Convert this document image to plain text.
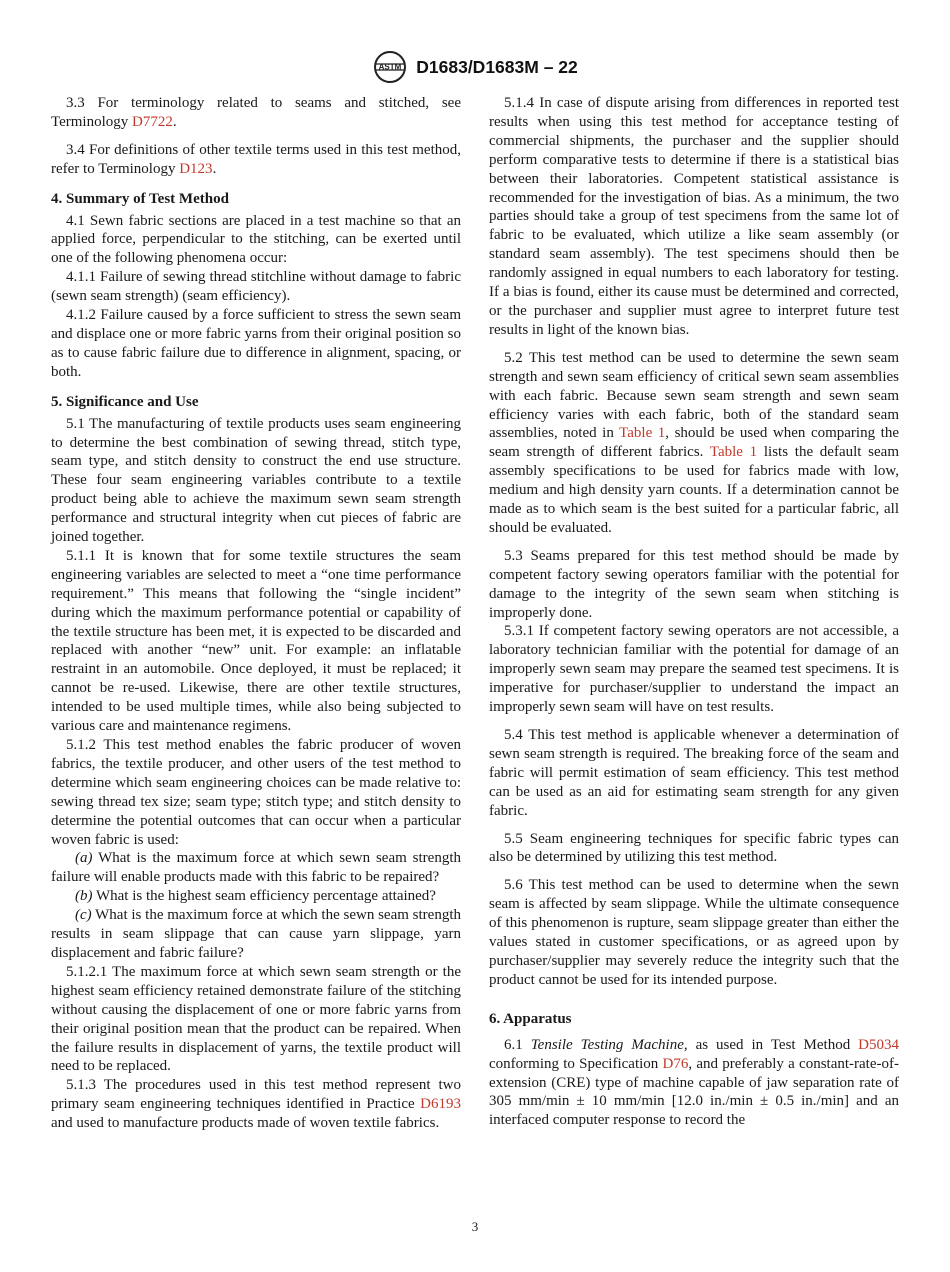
ASTM D1683/D1683M – 22

3.3 For terminology related to seams and stitched, see Terminology D7722.

3.4 For definitions of other textile terms used in this test method, refer to Terminology D123.

4. Summary of Test Method

4.1 Sewn fabric sections are placed in a test machine so that an applied force, perpendicular to the stitching, can be exerted until one of the following phenomena occur:

4.1.1 Failure of sewing thread stitchline without damage to fabric (sewn seam strength) (seam efficiency).

4.1.2 Failure caused by a force sufficient to stress the sewn seam and displace one or more fabric yarns from their original position so as to cause fabric failure due to difference in alignment, spacing, or both.

5. Significance and Use

5.1 The manufacturing of textile products uses seam engineering to determine the best combination of sewing thread, stitch type, seam type, and stitch density to construct the end use structure. These four seam engineering variables contribute to a textile product being able to achieve the maximum sewn seam strength performance and structural integrity when cut pieces of fabric are joined together.

5.1.1 It is known that for some textile structures the seam engineering variables are selected to meet a “one time performance requirement.” This means that following the “single incident” during which the maximum performance potential or capability of the textile structure has been met, it is expected to be discarded and replaced with another “new” unit. For example: an inflatable restraint in an automobile. Once deployed, it must be replaced; it cannot be re-used. Likewise, there are other textile structures, intended to be used multiple times, while also being subjected to various care and maintenance regimens.

5.1.2 This test method enables the fabric producer of woven fabrics, the textile producer, and other users of the test method to determine which seam engineering choices can be made relative to: sewing thread tex size; seam type; stitch type; and stitch density to determine the potential outcomes that can occur when a particular woven fabric is used:

(a) What is the maximum force at which sewn seam strength failure will enable products made with this fabric to be repaired?

(b) What is the highest seam efficiency percentage attained?

(c) What is the maximum force at which the sewn seam strength results in seam slippage that can cause yarn slippage, yarn displacement and fabric failure?

5.1.2.1 The maximum force at which sewn seam strength or the highest seam efficiency retained demonstrate failure of the stitching without causing the displacement of one or more fabric yarns from their original position mean that the product can be repaired. When the failure results in displacement of yarns, the textile product will need to be replaced.

5.1.3 The procedures used in this test method represent two primary seam engineering techniques identified in Practice D6193 and used to manufacture products made of woven textile fabrics.

5.1.4 In case of dispute arising from differences in reported test results when using this test method for acceptance testing of commercial shipments, the purchaser and the supplier should perform comparative tests to determine if there is a statistical bias between their laboratories. Competent statistical assistance is recommended for the investigation of bias. As a minimum, the two parties should take a group of test specimens from the same lot of fabric to be evaluated, which utilize a like seam assembly (or standard seam assembly). The test specimens should then be randomly assigned in equal numbers to each laboratory for testing. If a bias is found, either its cause must be determined and corrected, or the purchaser and supplier must agree to interpret future test results in light of the known bias.

5.2 This test method can be used to determine the sewn seam strength and sewn seam efficiency of critical sewn seam assemblies with each fabric. Because sewn seam strength and sewn seam efficiency varies with each fabric, both of the standard seam assemblies, noted in Table 1, should be used when comparing the seam strength of different fabrics. Table 1 lists the default seam assembly specifications to be used for fabrics made with low, medium and high density yarn counts. If a determination cannot be made as to which seam is the best suited for a particular fabric, all should be evaluated.

5.3 Seams prepared for this test method should be made by competent factory sewing operators familiar with the potential for damage to the integrity of the sewn seam when stitching is improperly done.

5.3.1 If competent factory sewing operators are not accessible, a laboratory technician familiar with the potential for damage of an improperly sewn seam may prepare the seamed test specimens. It is imperative for purchaser/supplier to understand the impact an improperly sewn seam will have on test results.

5.4 This test method is applicable whenever a determination of sewn seam strength is required. The breaking force of the seam and fabric will permit estimation of seam efficiency. This test method can be used as an aid for estimating seam strength for any given fabric.

5.5 Seam engineering techniques for specific fabric types can also be determined by utilizing this test method.

5.6 This test method can be used to determine when the sewn seam is affected by seam slippage. While the ultimate consequence of this phenomenon is rupture, seam slippage greater than either the values stated in customer specifications, or as agreed upon by purchaser/supplier may severely reduce the integrity such that the product cannot be used for its intended purpose.

6. Apparatus

6.1 Tensile Testing Machine, as used in Test Method D5034 conforming to Specification D76, and preferably a constant-rate-of-extension (CRE) type of machine capable of jaw separation rate of 305 mm/min ± 10 mm/min [12.0 in./min ± 0.5 in./min] and an interfaced computer response to record the

3
